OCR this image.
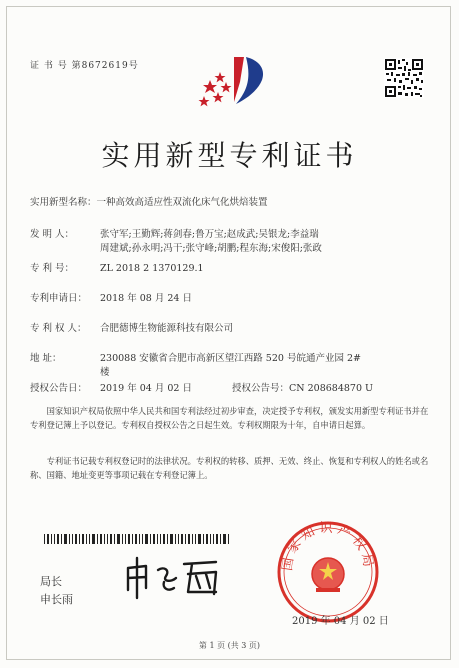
证 书 号 第8672619号
实用新型专利证书
实用新型名称：一种高效高适应性双流化床气化烘焙装置
发 明 人：	张守军;王勤辉;蒋剑春;鲁万宝;赵成武;吴银龙;李益瑞
周建斌;孙永明;冯干;张守峰;胡鹏;程东海;宋俊阳;张政
专 利 号：	ZL 2018 2 1370129.1
专利申请日： 2018 年 08 月 24 日
专 利 权 人： 合肥德博生物能源科技有限公司
地 址：	230088 安徽省合肥市高新区望江西路 520 号皖通产业园 2#
楼
授权公告日： 2019 年 04 月 02 日	授权公告号：CN 208684870 U
国家知识产权局依照中华人民共和国专利法经过初步审查，决定授予专利权，颁发实用新型专利证书并在专利登记簿上予以登记。专利权自授权公告之日起生效。专利权期限为十年，自申请日起算。
专利证书记载专利权登记时的法律状况。专利权的转移、质押、无效、终止、恢复和专利权人的姓名或名称、国籍、地址变更等事项记载在专利登记簿上。
局长
申长雨
国家知识产权局
2019 年 04 月 02 日
第 1 页 (共 3 页)
